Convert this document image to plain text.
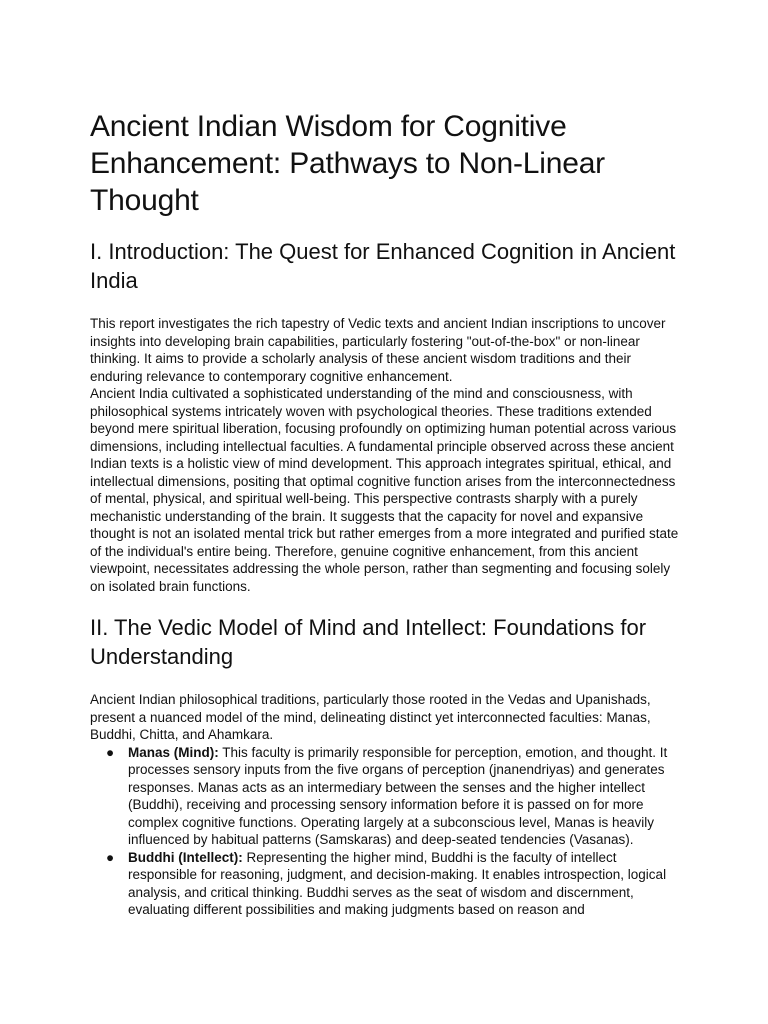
Ancient Indian Wisdom for Cognitive Enhancement: Pathways to Non-Linear Thought
I. Introduction: The Quest for Enhanced Cognition in Ancient India

This report investigates the rich tapestry of Vedic texts and ancient Indian inscriptions to uncover insights into developing brain capabilities, particularly fostering "out-of-the-box" or non-linear thinking. It aims to provide a scholarly analysis of these ancient wisdom traditions and their enduring relevance to contemporary cognitive enhancement.

Ancient India cultivated a sophisticated understanding of the mind and consciousness, with philosophical systems intricately woven with psychological theories. These traditions extended beyond mere spiritual liberation, focusing profoundly on optimizing human potential across various dimensions, including intellectual faculties. A fundamental principle observed across these ancient Indian texts is a holistic view of mind development. This approach integrates spiritual, ethical, and intellectual dimensions, positing that optimal cognitive function arises from the interconnectedness of mental, physical, and spiritual well-being. This perspective contrasts sharply with a purely mechanistic understanding of the brain. It suggests that the capacity for novel and expansive thought is not an isolated mental trick but rather emerges from a more integrated and purified state of the individual's entire being. Therefore, genuine cognitive enhancement, from this ancient viewpoint, necessitates addressing the whole person, rather than segmenting and focusing solely on isolated brain functions.

II. The Vedic Model of Mind and Intellect: Foundations for Understanding

Ancient Indian philosophical traditions, particularly those rooted in the Vedas and Upanishads, present a nuanced model of the mind, delineating distinct yet interconnected faculties: Manas, Buddhi, Chitta, and Ahamkara.

● Manas (Mind): This faculty is primarily responsible for perception, emotion, and thought. It processes sensory inputs from the five organs of perception (jnanendriyas) and generates responses. Manas acts as an intermediary between the senses and the higher intellect (Buddhi), receiving and processing sensory information before it is passed on for more complex cognitive functions. Operating largely at a subconscious level, Manas is heavily influenced by habitual patterns (Samskaras) and deep-seated tendencies (Vasanas).
● Buddhi (Intellect): Representing the higher mind, Buddhi is the faculty of intellect responsible for reasoning, judgment, and decision-making. It enables introspection, logical analysis, and critical thinking. Buddhi serves as the seat of wisdom and discernment, evaluating different possibilities and making judgments based on reason and
